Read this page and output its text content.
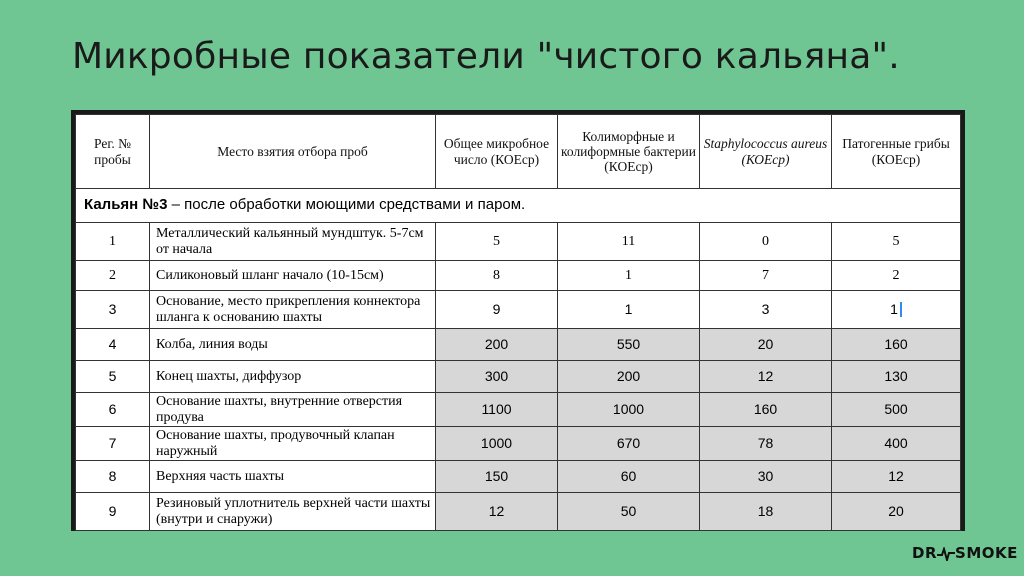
Микробные показатели "чистого кальяна".
Рег. № пробы	Место взятия отбора проб	Общее микробное число (КОЕср)	Колиморфные и колиформные бактерии (КОЕср)	Staphylococcus aureus (КОЕср)	Патогенные грибы (КОЕср)
Кальян №3 – после обработки моющими средствами и паром.					
1	Металлический кальянный мундштук. 5-7см от начала	5	11	0	5
2	Силиконовый шланг начало (10-15см)	8	1	7	2
3	Основание, место прикрепления коннектора шланга к основанию шахты	9	1	3	1
4	Колба, линия воды	200	550	20	160
5	Конец шахты, диффузор	300	200	12	130
6	Основание шахты, внутренние отверстия продува	1100	1000	160	500
7	Основание шахты, продувочный клапан наружный	1000	670	78	400
8	Верхняя часть шахты	150	60	30	12
9	Резиновый уплотнитель верхней части шахты (внутри и снаружи)	12	50	18	20
DR SMOKE
